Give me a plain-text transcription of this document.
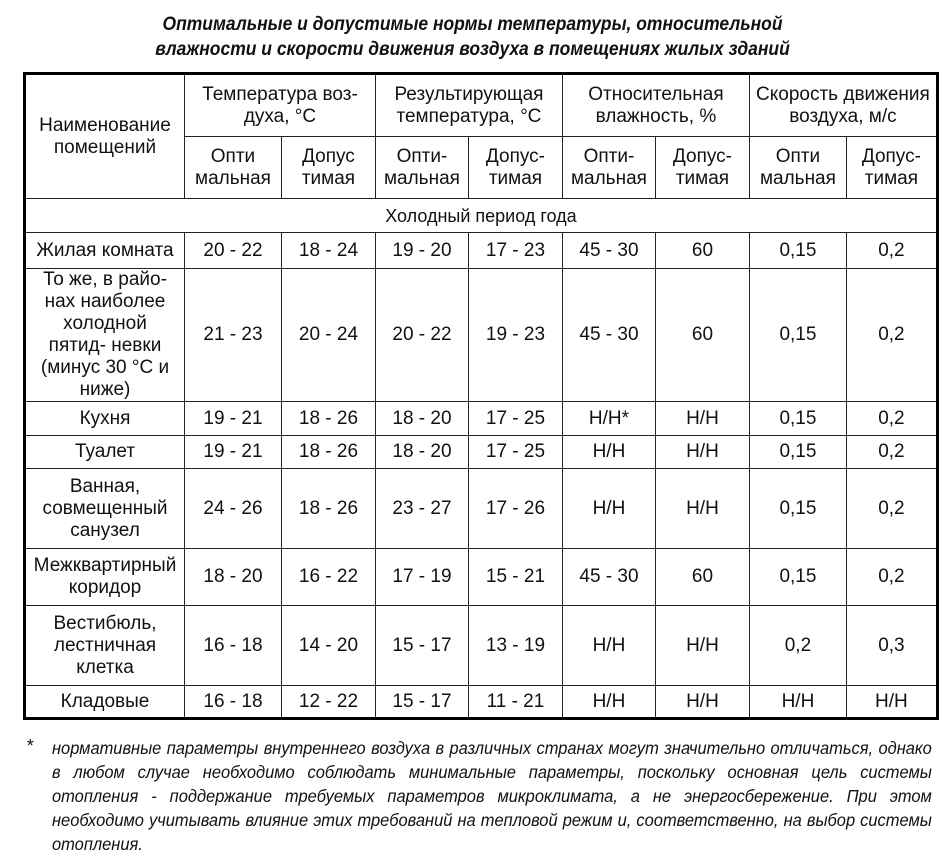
Оптимальные и допустимые нормы температуры, относительной
влажности и скорости движения воздуха в помещениях жилых зданий
Наименование помещений	Температура воз- духа, °C		Результирующая температура, °C		Относительная влажность, %		Скорость движения воздуха, м/с	
	Опти мальная	Допус тимая	Опти- мальная	Допус- тимая	Опти- мальная	Допус- тимая	Опти мальная	Допус- тимая
Холодный период года								
Жилая комната	20 - 22	18 - 24	19 - 20	17 - 23	45 - 30	60	0,15	0,2
То же, в райо- нах наиболее холодной пятид- невки (минус 30 °C и ниже)	21 - 23	20 - 24	20 - 22	19 - 23	45 - 30	60	0,15	0,2
Кухня	19 - 21	18 - 26	18 - 20	17 - 25	Н/Н*	Н/Н	0,15	0,2
Туалет	19 - 21	18 - 26	18 - 20	17 - 25	Н/Н	Н/Н	0,15	0,2
Ванная, совмещенный санузел	24 - 26	18 - 26	23 - 27	17 - 26	Н/Н	Н/Н	0,15	0,2
Межквартирный коридор	18 - 20	16 - 22	17 - 19	15 - 21	45 - 30	60	0,15	0,2
Вестибюль, лестничная клетка	16 - 18	14 - 20	15 - 17	13 - 19	Н/Н	Н/Н	0,2	0,3
Кладовые	16 - 18	12 - 22	15 - 17	11 - 21	Н/Н	Н/Н	Н/Н	Н/Н
* нормативные параметры внутреннего воздуха в различных странах могут значительно отличаться, однако в любом случае необходимо соблюдать минимальные параметры, поскольку основная цель системы отопления - поддержание требуемых параметров микроклимата, а не энергосбережение. При этом необходимо учитывать влияние этих требований на тепловой режим и, соответственно, на выбор системы отопления.
